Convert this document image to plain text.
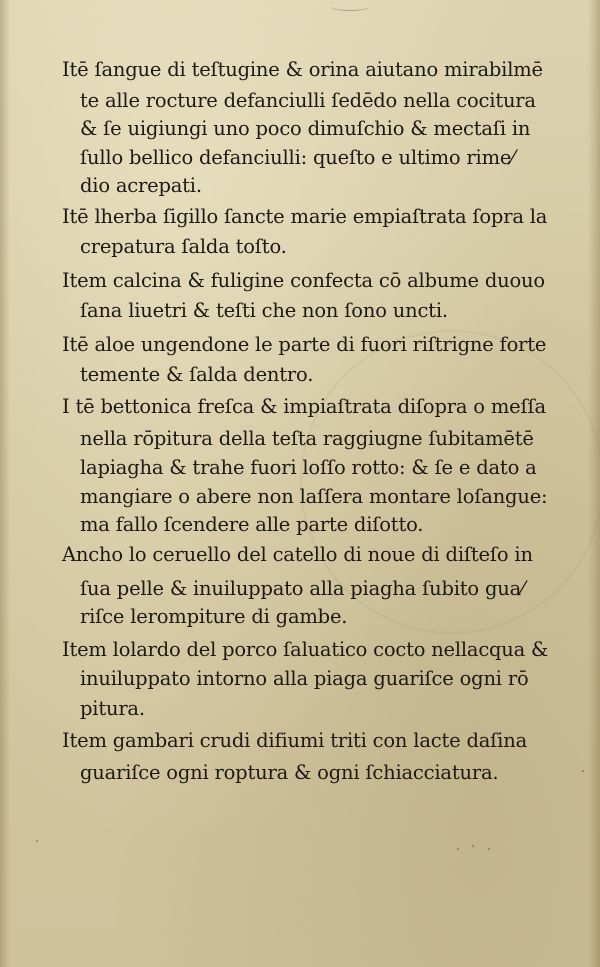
Itē ſangue di teſtugine & orina aiutano mirabilmē
te alle rocture defanciulli ſedēdo nella cocitura
& ſe uigiungi uno poco dimuſchio & mectaſi in
ſullo bellico defanciulli: queſto e ultimo rime⁄
dio acrepati.
Itē lherba ſigillo ſancte marie empiaſtrata ſopra la
crepatura ſalda toſto.
Item calcina & fuligine confecta cō albume duouo
ſana liuetri & teſti che non ſono uncti.
Itē aloe ungendone le parte di fuori riſtrigne forte
temente & ſalda dentro.
I tē bettonica freſca & impiaſtrata diſopra o meſſa
nella rōpitura della teſta raggiugne ſubitamētē
lapiagha & trahe fuori loſſo rotto: & ſe e dato a
mangiare o abere non laſſera montare loſangue:
ma fallo ſcendere alle parte diſotto.
Ancho lo ceruello del catello di noue di diſteſo in
ſua pelle & inuiluppato alla piagha ſubito gua⁄
riſce lerompiture di gambe.
Item lolardo del porco ſaluatico cocto nellacqua &
inuiluppato intorno alla piaga guariſce ogni rō
pitura.
Item gambari crudi difiumi triti con lacte daſina
guariſce ogni roptura & ogni ſchiacciatura.
